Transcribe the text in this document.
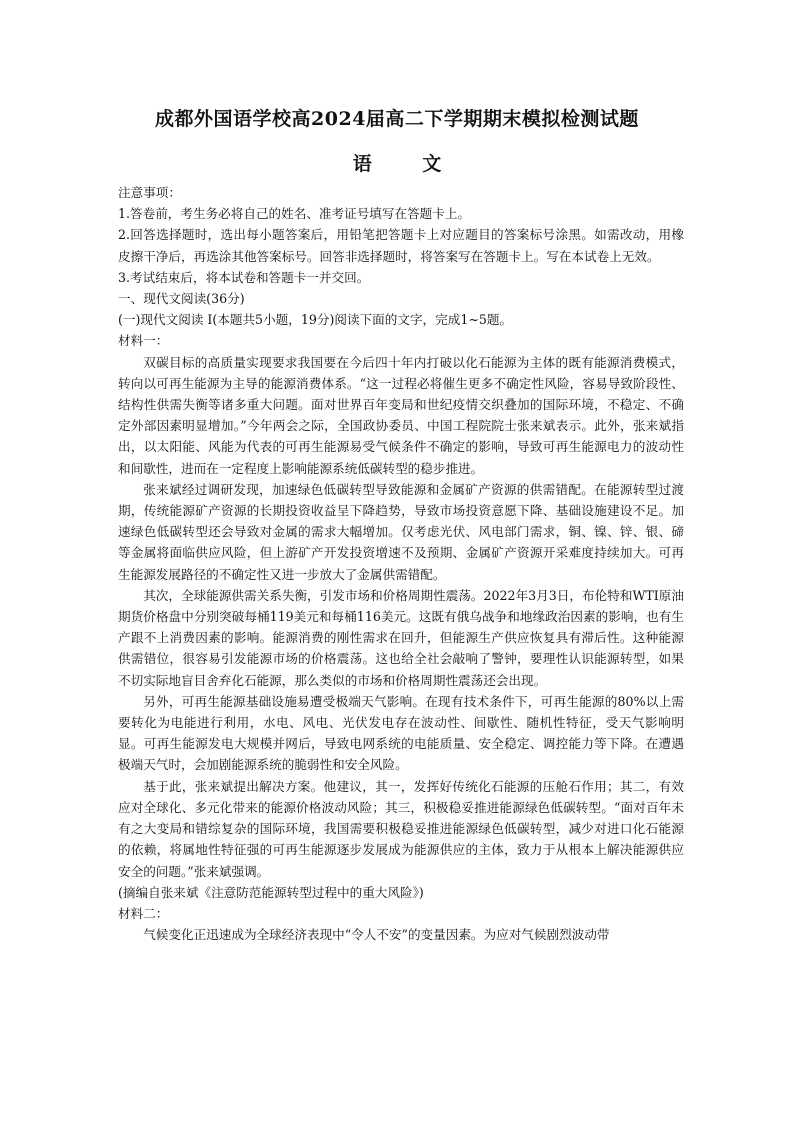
成都外国语学校高2024届高二下学期期末模拟检测试题
语 文

注意事项：

1.答卷前，考生务必将自己的姓名、准考证号填写在答题卡上。

2.回答选择题时，选出每小题答案后，用铅笔把答题卡上对应题目的答案标号涂黑。如需改动，用橡皮擦干净后，再选涂其他答案标号。回答非选择题时，将答案写在答题卡上。写在本试卷上无效。

3.考试结束后，将本试卷和答题卡一并交回。

一、现代文阅读(36分)

(一)现代文阅读 I(本题共5小题，19分)阅读下面的文字，完成1~5题。

材料一：

双碳目标的高质量实现要求我国要在今后四十年内打破以化石能源为主体的既有能源消费模式，转向以可再生能源为主导的能源消费体系。“这一过程必将催生更多不确定性风险，容易导致阶段性、结构性供需失衡等诸多重大问题。面对世界百年变局和世纪疫情交织叠加的国际环境，不稳定、不确定外部因素明显增加。”今年两会之际，全国政协委员、中国工程院院士张来斌表示。此外，张来斌指出，以太阳能、风能为代表的可再生能源易受气候条件不确定的影响，导致可再生能源电力的波动性和间歇性，进而在一定程度上影响能源系统低碳转型的稳步推进。

张来斌经过调研发现，加速绿色低碳转型导致能源和金属矿产资源的供需错配。在能源转型过渡期，传统能源矿产资源的长期投资收益呈下降趋势，导致市场投资意愿下降、基础设施建设不足。加速绿色低碳转型还会导致对金属的需求大幅增加。仅考虑光伏、风电部门需求，铜、镍、锌、银、碲等金属将面临供应风险，但上游矿产开发投资增速不及预期、金属矿产资源开采难度持续加大。可再生能源发展路径的不确定性又进一步放大了金属供需错配。

其次，全球能源供需关系失衡，引发市场和价格周期性震荡。2022年3月3日，布伦特和WTI原油期货价格盘中分别突破每桶119美元和每桶116美元。这既有俄乌战争和地缘政治因素的影响，也有生产跟不上消费因素的影响。能源消费的刚性需求在回升，但能源生产供应恢复具有滞后性。这种能源供需错位，很容易引发能源市场的价格震荡。这也给全社会敲响了警钟，要理性认识能源转型，如果不切实际地盲目舍弃化石能源，那么类似的市场和价格周期性震荡还会出现。

另外，可再生能源基础设施易遭受极端天气影响。在现有技术条件下，可再生能源的80%以上需要转化为电能进行利用，水电、风电、光伏发电存在波动性、间歇性、随机性特征，受天气影响明显。可再生能源发电大规模并网后，导致电网系统的电能质量、安全稳定、调控能力等下降。在遭遇极端天气时，会加剧能源系统的脆弱性和安全风险。

基于此，张来斌提出解决方案。他建议，其一，发挥好传统化石能源的压舱石作用；其二，有效应对全球化、多元化带来的能源价格波动风险；其三，积极稳妥推进能源绿色低碳转型。“面对百年未有之大变局和错综复杂的国际环境，我国需要积极稳妥推进能源绿色低碳转型，减少对进口化石能源的依赖，将属地性特征强的可再生能源逐步发展成为能源供应的主体，致力于从根本上解决能源供应安全的问题。”张来斌强调。

(摘编自张来斌《注意防范能源转型过程中的重大风险》)

材料二：

气候变化正迅速成为全球经济表现中“令人不安”的变量因素。为应对气候剧烈波动带
